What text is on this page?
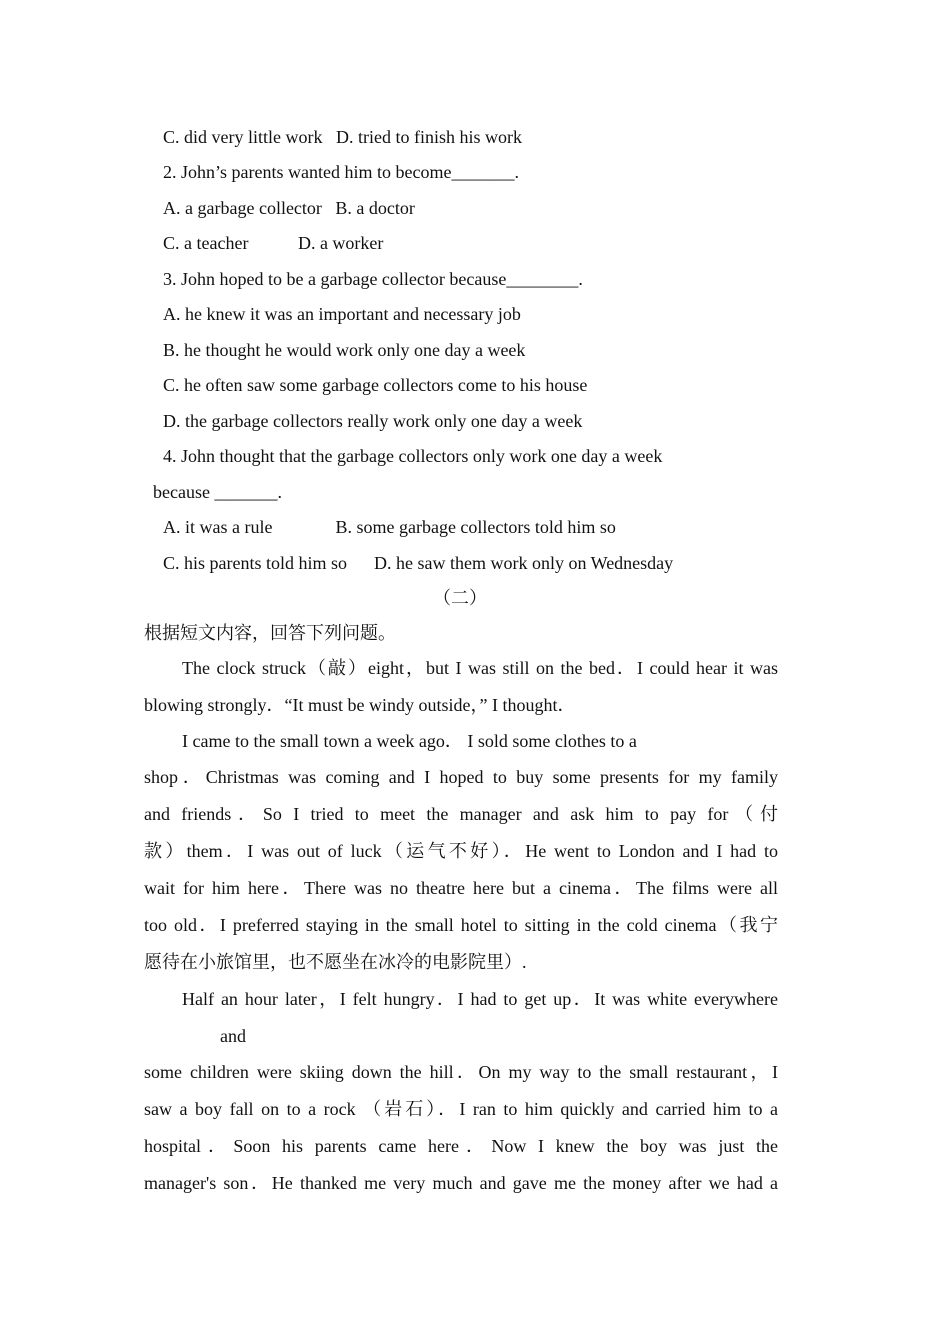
C. did very little work   D. tried to finish his work
2. John’s parents wanted him to become_______.
A. a garbage collector   B. a doctor
C. a teacher           D. a worker
3. John hoped to be a garbage collector because________.
A. he knew it was an important and necessary job
B. he thought he would work only one day a week
C. he often saw some garbage collectors come to his house
D. the garbage collectors really work only one day a week
4. John thought that the garbage collectors only work one day a week
because _______.
A. it was a rule              B. some garbage collectors told him so
C. his parents told him so      D. he saw them work only on Wednesday
（二）
根据短文内容，回答下列问题。
The clock struck（敲）eight，but I was still on the bed．I could hear it was
blowing strongly．“It must be windy outside，” I thought．
I came to the small town a week ago． I sold some clothes to a
shop．Christmas was coming and I hoped to buy some presents for my family
and friends．So I tried to meet the manager and ask him to pay for（付
款）them．I was out of luck（运气不好）．He went to London and I had to
wait for him here．There was no theatre here but a cinema．The films were all
too old．I preferred staying in the small hotel to sitting in the cold cinema（我宁
愿待在小旅馆里，也不愿坐在冰冷的电影院里）.
Half an hour later，I felt hungry．I had to get up．It was white everywhere
and
some children were skiing down the hill．On my way to the small restaurant，I
saw a boy fall on to a rock （岩石）．I ran to him quickly and carried him to a
hospital．Soon his parents came here．Now I knew the boy was just the
manager's son．He thanked me very much and gave me the money after we had a
